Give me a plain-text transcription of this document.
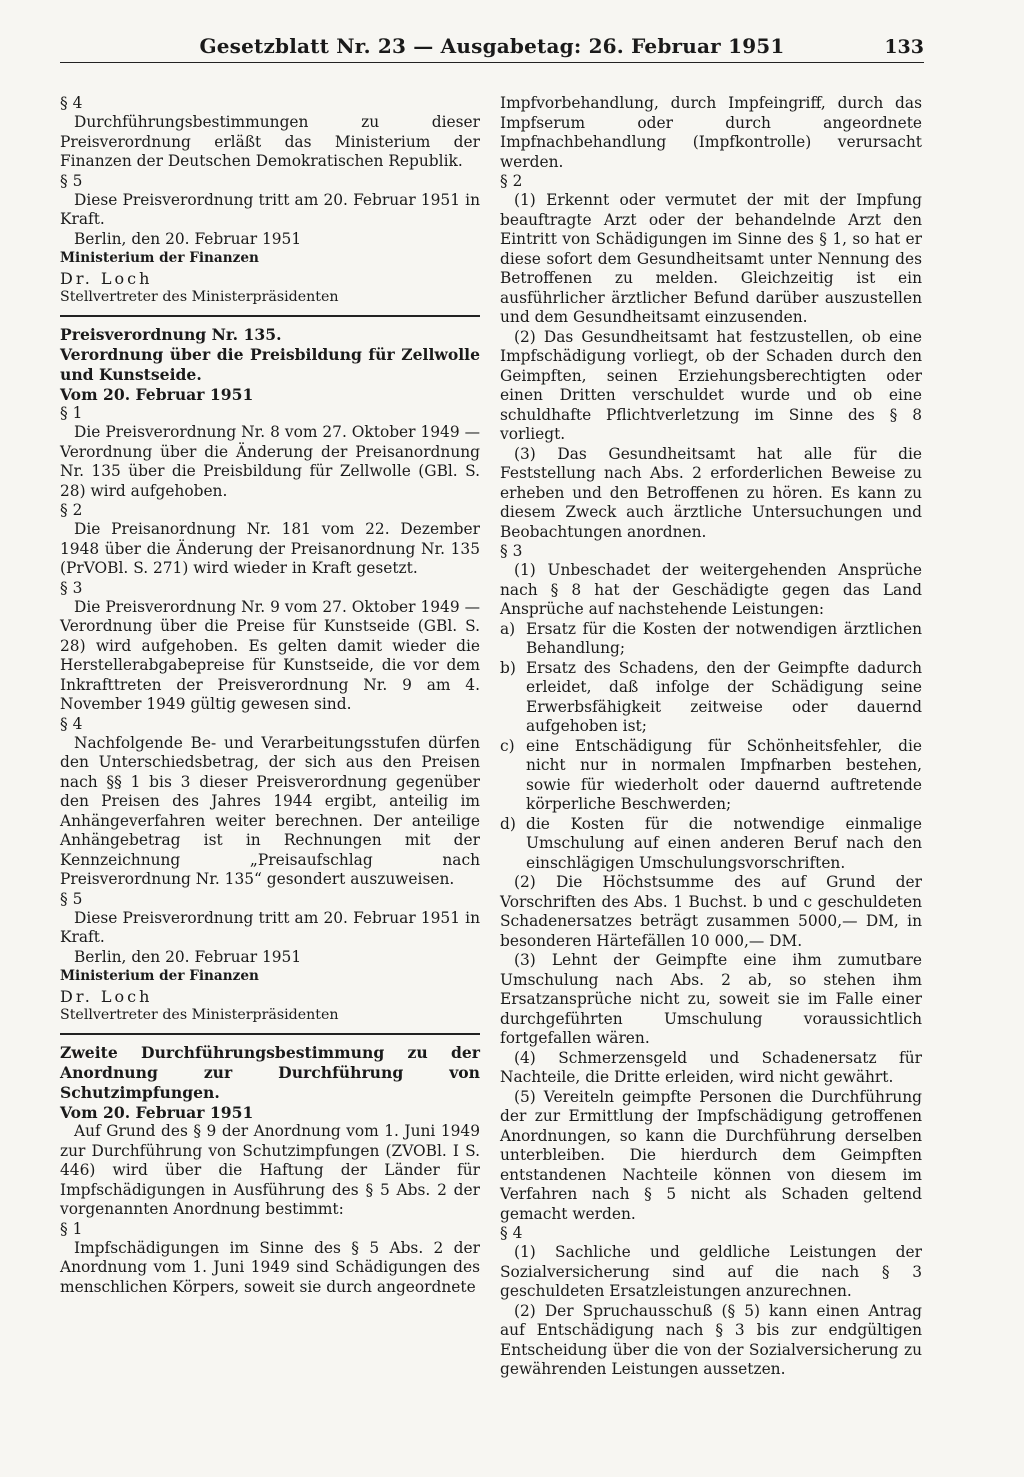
Gesetzblatt Nr. 23 — Ausgabetag: 26. Februar 1951	133

§ 4

Durchführungsbestimmungen zu dieser Preisverordnung erläßt das Ministerium der Finanzen der Deutschen Demokratischen Republik.

§ 5

Diese Preisverordnung tritt am 20. Februar 1951 in Kraft.

Berlin, den 20. Februar 1951

Ministerium der Finanzen

Dr. Loch

Stellvertreter des Ministerpräsidenten

Preisverordnung Nr. 135.

Verordnung über die Preisbildung für Zellwolle und Kunstseide.

Vom 20. Februar 1951

§ 1

Die Preisverordnung Nr. 8 vom 27. Oktober 1949 — Verordnung über die Änderung der Preisanordnung Nr. 135 über die Preisbildung für Zellwolle (GBl. S. 28) wird aufgehoben.

§ 2

Die Preisanordnung Nr. 181 vom 22. Dezember 1948 über die Änderung der Preisanordnung Nr. 135 (PrVOBl. S. 271) wird wieder in Kraft gesetzt.

§ 3

Die Preisverordnung Nr. 9 vom 27. Oktober 1949 — Verordnung über die Preise für Kunstseide (GBl. S. 28) wird aufgehoben. Es gelten damit wieder die Herstellerabgabepreise für Kunstseide, die vor dem Inkrafttreten der Preisverordnung Nr. 9 am 4. November 1949 gültig gewesen sind.

§ 4

Nachfolgende Be- und Verarbeitungsstufen dürfen den Unterschiedsbetrag, der sich aus den Preisen nach §§ 1 bis 3 dieser Preisverordnung gegenüber den Preisen des Jahres 1944 ergibt, anteilig im Anhängeverfahren weiter berechnen. Der anteilige Anhängebetrag ist in Rechnungen mit der Kennzeichnung „Preisaufschlag nach Preisverordnung Nr. 135“ gesondert auszuweisen.

§ 5

Diese Preisverordnung tritt am 20. Februar 1951 in Kraft.

Berlin, den 20. Februar 1951

Ministerium der Finanzen

Dr. Loch

Stellvertreter des Ministerpräsidenten

Zweite Durchführungsbestimmung zu der Anordnung zur Durchführung von Schutzimpfungen.

Vom 20. Februar 1951

Auf Grund des § 9 der Anordnung vom 1. Juni 1949 zur Durchführung von Schutzimpfungen (ZVOBl. I S. 446) wird über die Haftung der Länder für Impfschädigungen in Ausführung des § 5 Abs. 2 der vorgenannten Anordnung bestimmt:

§ 1

Impfschädigungen im Sinne des § 5 Abs. 2 der Anordnung vom 1. Juni 1949 sind Schädigungen des menschlichen Körpers, soweit sie durch angeordnete

Impfvorbehandlung, durch Impfeingriff, durch das Impfserum oder durch angeordnete Impfnachbehandlung (Impfkontrolle) verursacht werden.

§ 2

(1) Erkennt oder vermutet der mit der Impfung beauftragte Arzt oder der behandelnde Arzt den Eintritt von Schädigungen im Sinne des § 1, so hat er diese sofort dem Gesundheitsamt unter Nennung des Betroffenen zu melden. Gleichzeitig ist ein ausführlicher ärztlicher Befund darüber auszustellen und dem Gesundheitsamt einzusenden.

(2) Das Gesundheitsamt hat festzustellen, ob eine Impfschädigung vorliegt, ob der Schaden durch den Geimpften, seinen Erziehungsberechtigten oder einen Dritten verschuldet wurde und ob eine schuldhafte Pflichtverletzung im Sinne des § 8 vorliegt.

(3) Das Gesundheitsamt hat alle für die Feststellung nach Abs. 2 erforderlichen Beweise zu erheben und den Betroffenen zu hören. Es kann zu diesem Zweck auch ärztliche Untersuchungen und Beobachtungen anordnen.

§ 3

(1) Unbeschadet der weitergehenden Ansprüche nach § 8 hat der Geschädigte gegen das Land Ansprüche auf nachstehende Leistungen:

a) Ersatz für die Kosten der notwendigen ärztlichen Behandlung;
b) Ersatz des Schadens, den der Geimpfte dadurch erleidet, daß infolge der Schädigung seine Erwerbsfähigkeit zeitweise oder dauernd aufgehoben ist;
c) eine Entschädigung für Schönheitsfehler, die nicht nur in normalen Impfnarben bestehen, sowie für wiederholt oder dauernd auftretende körperliche Beschwerden;
d) die Kosten für die notwendige einmalige Umschulung auf einen anderen Beruf nach den einschlägigen Umschulungsvorschriften.

(2) Die Höchstsumme des auf Grund der Vorschriften des Abs. 1 Buchst. b und c geschuldeten Schadenersatzes beträgt zusammen 5000,— DM, in besonderen Härtefällen 10 000,— DM.

(3) Lehnt der Geimpfte eine ihm zumutbare Umschulung nach Abs. 2 ab, so stehen ihm Ersatzansprüche nicht zu, soweit sie im Falle einer durchgeführten Umschulung voraussichtlich fortgefallen wären.

(4) Schmerzensgeld und Schadenersatz für Nachteile, die Dritte erleiden, wird nicht gewährt.

(5) Vereiteln geimpfte Personen die Durchführung der zur Ermittlung der Impfschädigung getroffenen Anordnungen, so kann die Durchführung derselben unterbleiben. Die hierdurch dem Geimpften entstandenen Nachteile können von diesem im Verfahren nach § 5 nicht als Schaden geltend gemacht werden.

§ 4

(1) Sachliche und geldliche Leistungen der Sozialversicherung sind auf die nach § 3 geschuldeten Ersatzleistungen anzurechnen.

(2) Der Spruchausschuß (§ 5) kann einen Antrag auf Entschädigung nach § 3 bis zur endgültigen Entscheidung über die von der Sozialversicherung zu gewährenden Leistungen aussetzen.
